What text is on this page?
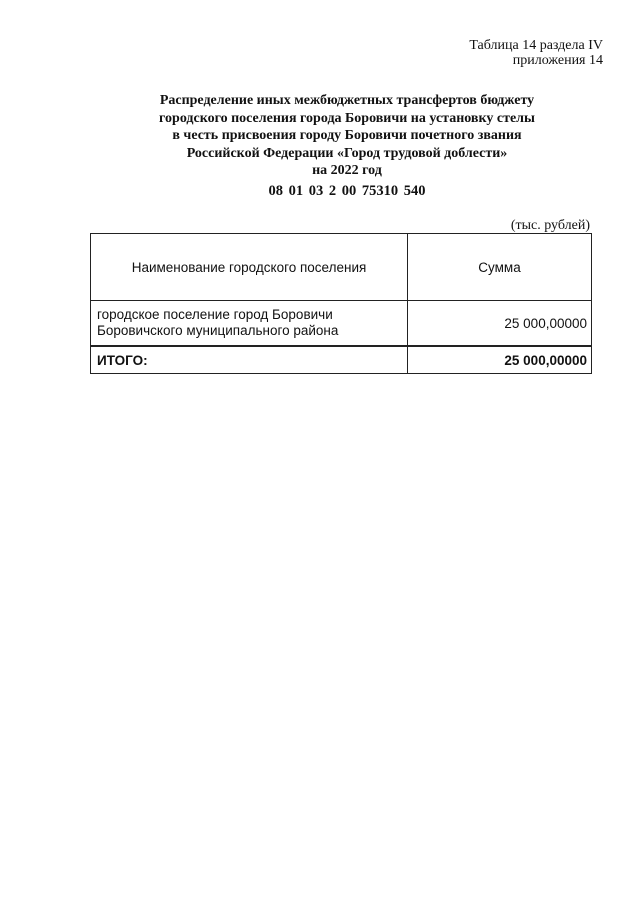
Таблица 14 раздела IV
приложения 14
Распределение иных межбюджетных трансфертов бюджету
городского поселения города Боровичи на установку стелы
в честь присвоения городу Боровичи почетного звания
Российской Федерации «Город трудовой доблести»
на 2022 год
08 01 03 2 00 75310 540
(тыс. рублей)
Наименование городского поселения	Сумма

городское поселение город Боровичи
Боровичского муниципального района	25 000,00000
ИТОГО:	25 000,00000
